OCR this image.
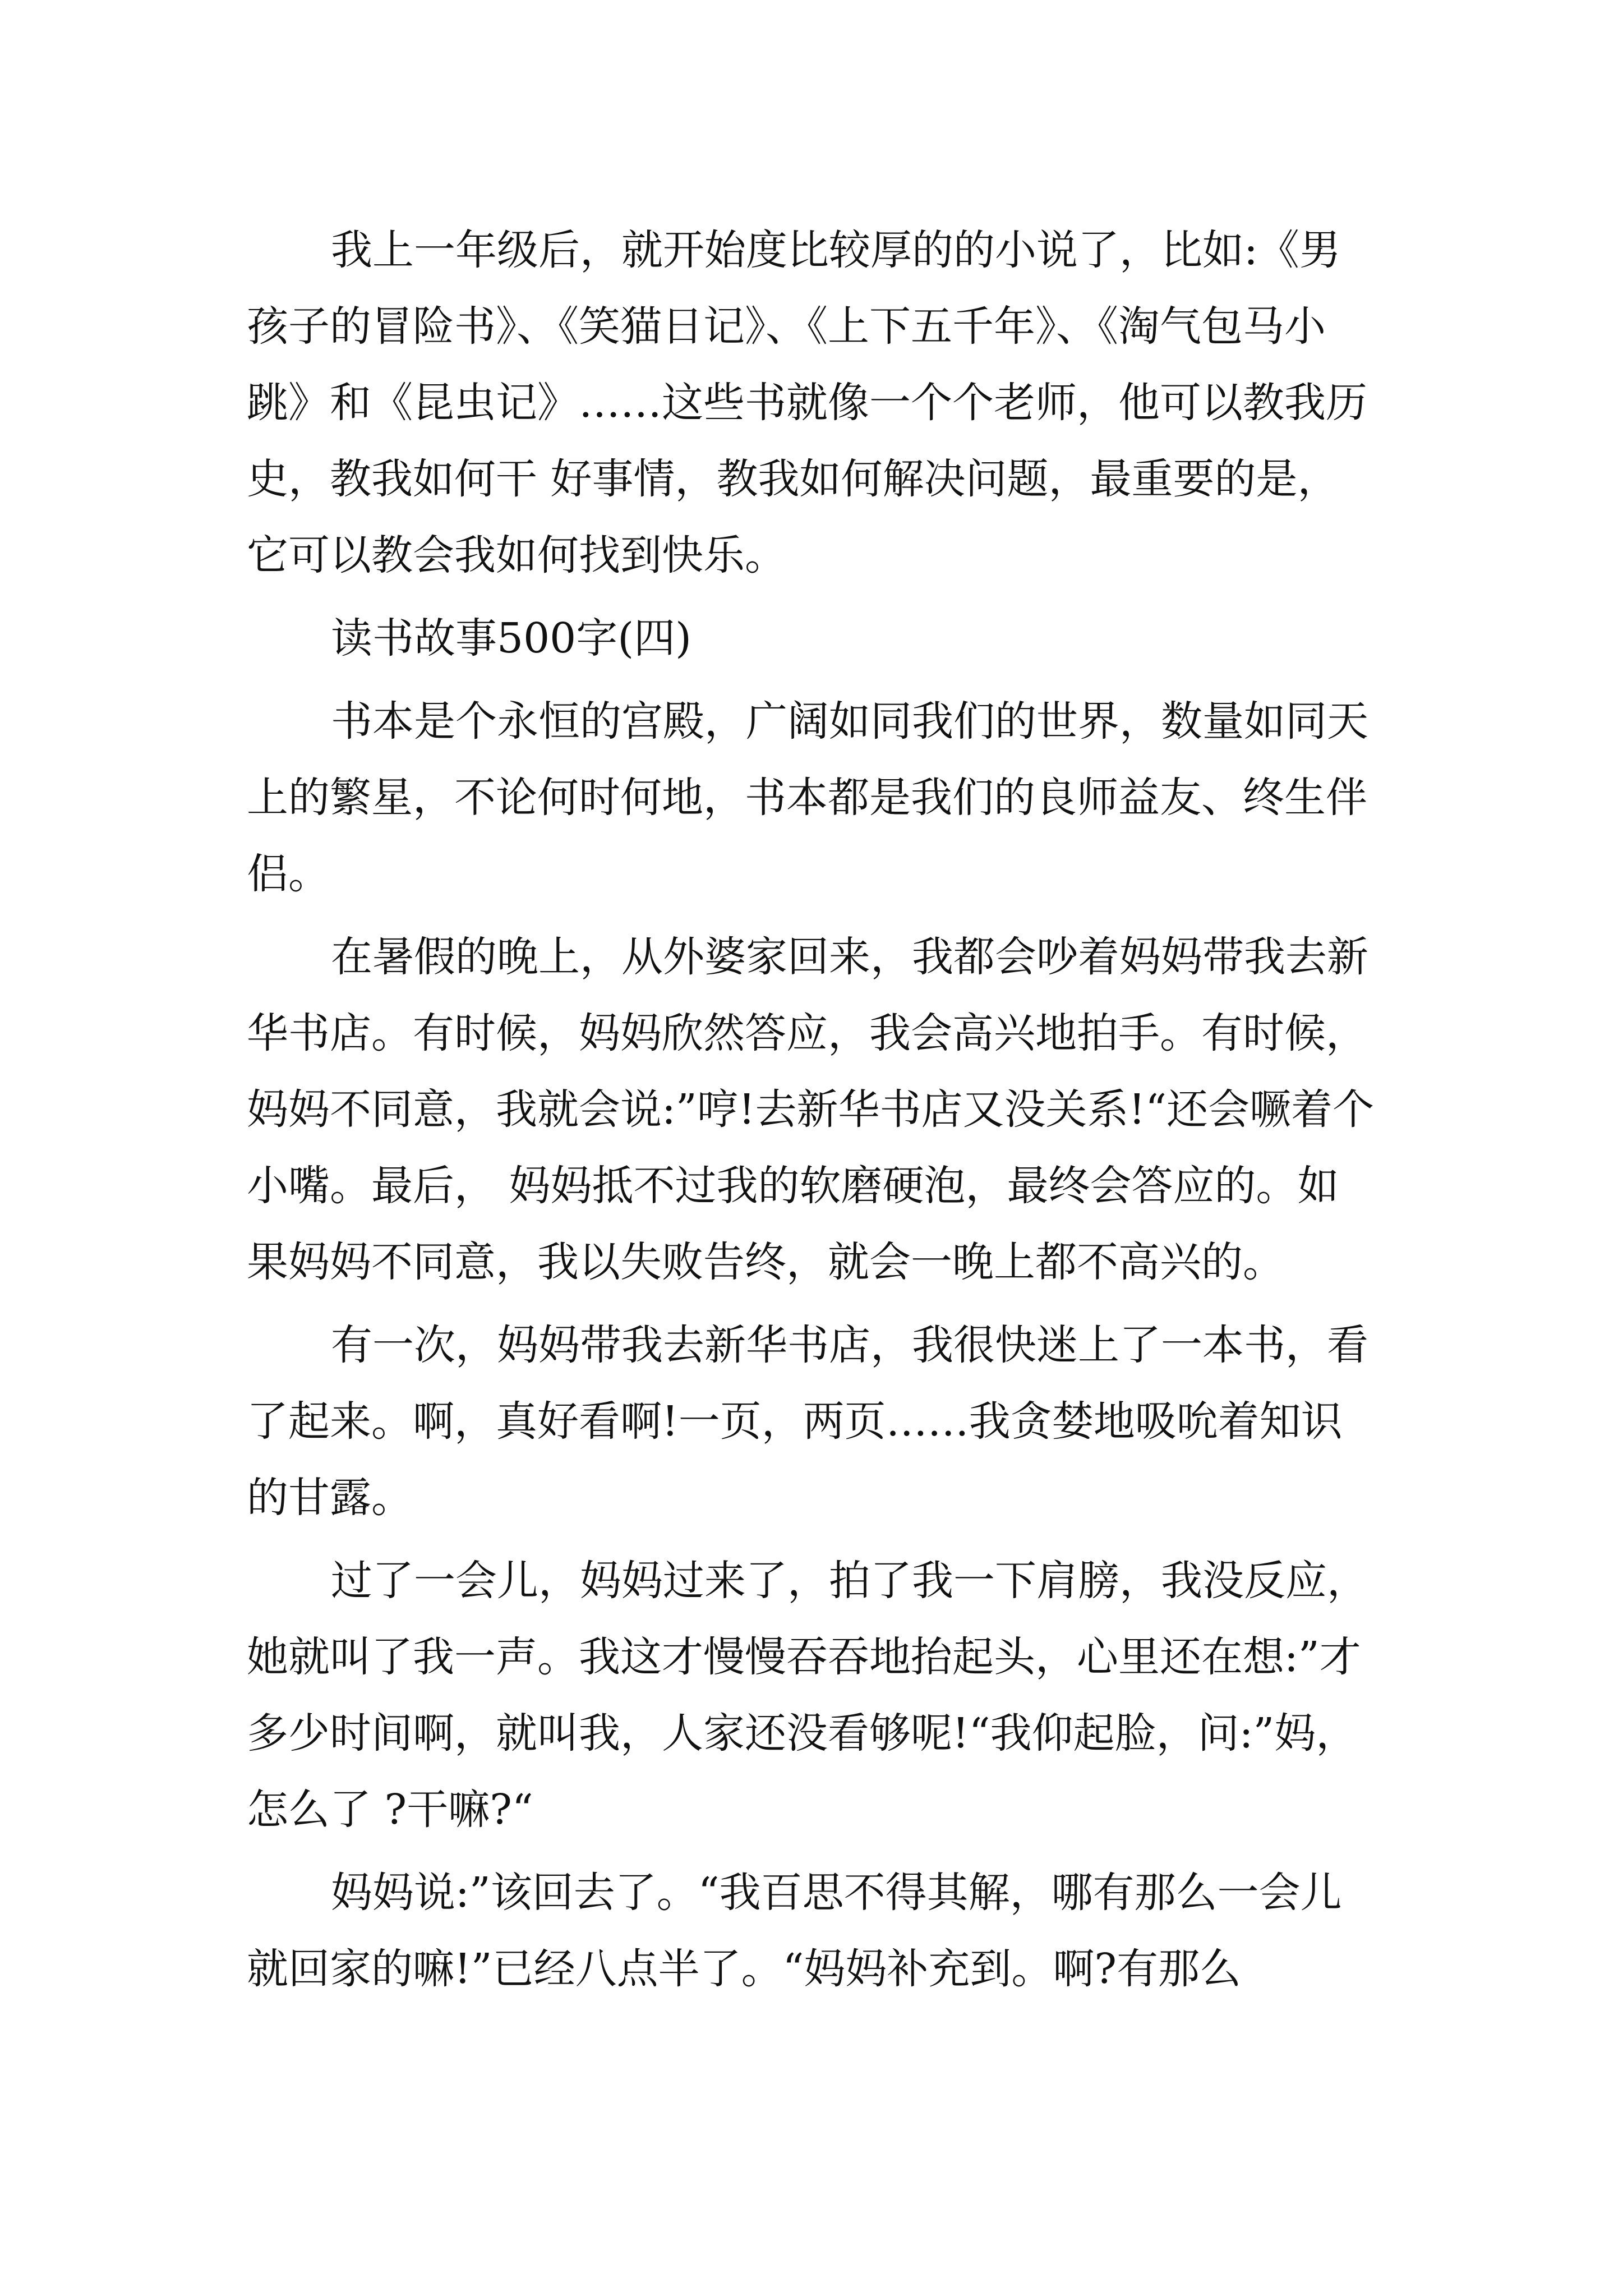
我上一年级后，就开始度比较厚的的小说了，比如:《男孩子的冒险书》、《笑猫日记》、《上下五千年》、《淘气包马小跳》和《昆虫记》……这些书就像一个个老师，他可以教我历史，教我如何干 好事情，教我如何解决问题，最重要的是，它可以教会我如何找到快乐。

读书故事500字(四)

书本是个永恒的宫殿，广阔如同我们的世界，数量如同天上的繁星，不论何时何地，书本都是我们的良师益友、终生伴侣。

在暑假的晚上，从外婆家回来，我都会吵着妈妈带我去新华书店。有时候，妈妈欣然答应，我会高兴地拍手。有时候，妈妈不同意，我就会说:”哼!去新华书店又没关系!“还会噘着个小嘴。最后， 妈妈抵不过我的软磨硬泡，最终会答应的。如果妈妈不同意，我以失败告终，就会一晚上都不高兴的。

有一次，妈妈带我去新华书店，我很快迷上了一本书，看了起来。啊，真好看啊!一页，两页……我贪婪地吸吮着知识的甘露。

过了一会儿，妈妈过来了，拍了我一下肩膀，我没反应，她就叫了我一声。我这才慢慢吞吞地抬起头，心里还在想:”才多少时间啊，就叫我，人家还没看够呢!“我仰起脸，问:”妈，怎么了 ?干嘛?“

妈妈说:”该回去了。“我百思不得其解，哪有那么一会儿就回家的嘛!”已经八点半了。“妈妈补充到。啊?有那么
